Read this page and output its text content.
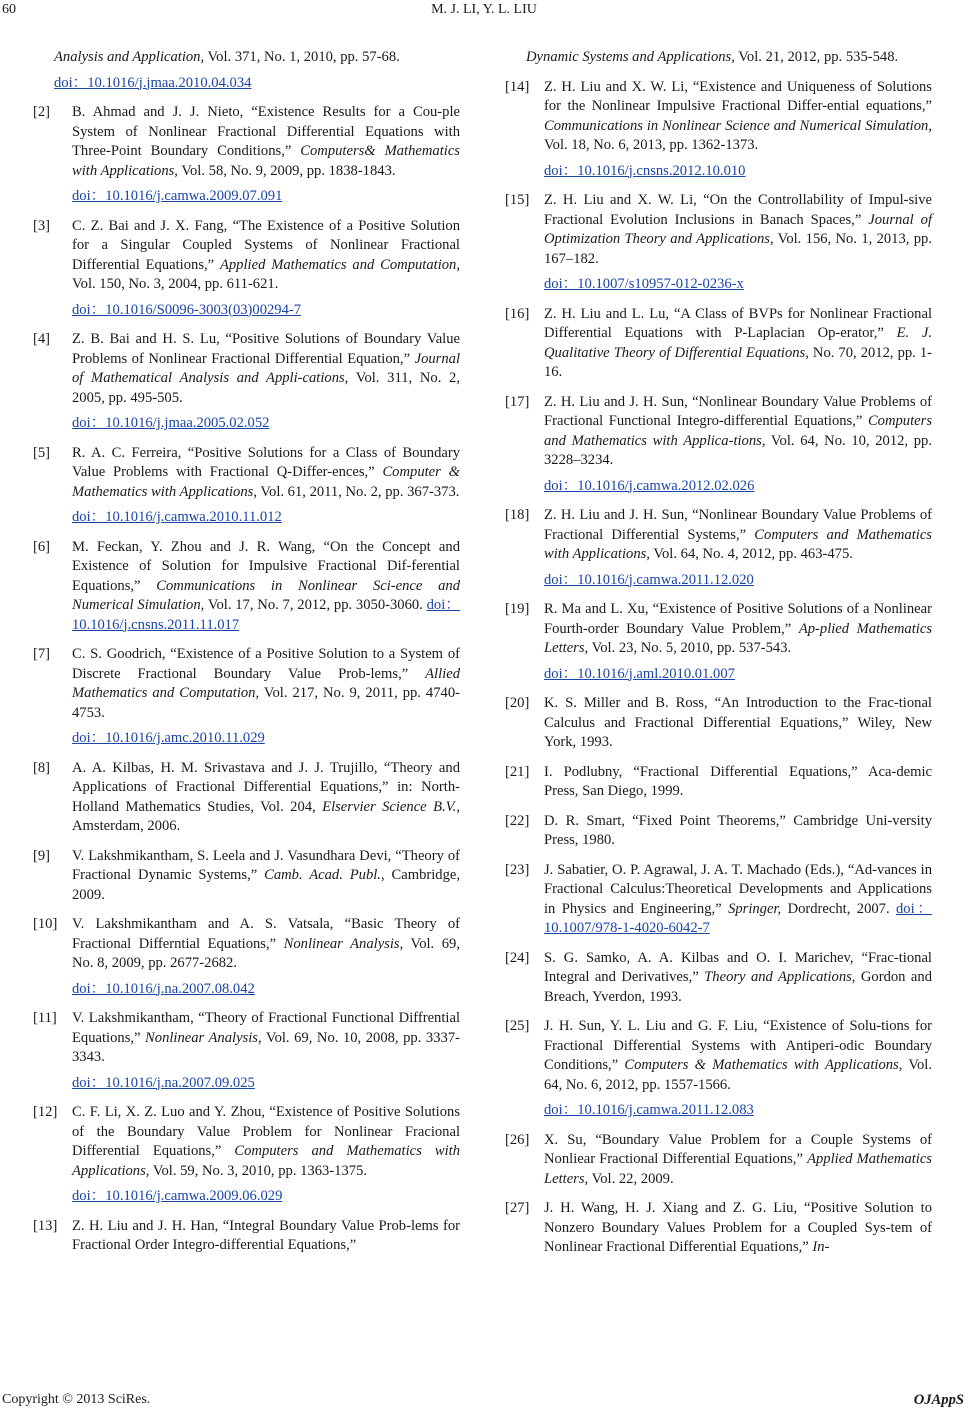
60	M. J. LI, Y. L. LIU
Analysis and Application, Vol. 371, No. 1, 2010, pp. 57-68.
doi：10.1016/j.jmaa.2010.04.034
[2] B. Ahmad and J. J. Nieto, “Existence Results for a Cou-ple System of Nonlinear Fractional Differential Equations with Three-Point Boundary Conditions,” Computers& Mathematics with Applications, Vol. 58, No. 9, 2009, pp. 1838-1843.
doi：10.1016/j.camwa.2009.07.091
[3] C. Z. Bai and J. X. Fang, “The Existence of a Positive Solution for a Singular Coupled Systems of Nonlinear Fractional Differential Equations,” Applied Mathematics and Computation, Vol. 150, No. 3, 2004, pp. 611-621.
doi：10.1016/S0096-3003(03)00294-7
[4] Z. B. Bai and H. S. Lu, “Positive Solutions of Boundary Value Problems of Nonlinear Fractional Differential Equation,” Journal of Mathematical Analysis and Appli-cations, Vol. 311, No. 2, 2005, pp. 495-505.
doi：10.1016/j.jmaa.2005.02.052
[5] R. A. C. Ferreira, “Positive Solutions for a Class of Boundary Value Problems with Fractional Q-Differ-ences,” Computer & Mathematics with Applications, Vol. 61, 2011, No. 2, pp. 367-373.
doi：10.1016/j.camwa.2010.11.012
[6] M. Feckan, Y. Zhou and J. R. Wang, “On the Concept and Existence of Solution for Impulsive Fractional Dif-ferential Equations,” Communications in Nonlinear Sci-ence and Numerical Simulation, Vol. 17, No. 7, 2012, pp. 3050-3060. doi：10.1016/j.cnsns.2011.11.017
[7] C. S. Goodrich, “Existence of a Positive Solution to a System of Discrete Fractional Boundary Value Prob-lems,” Allied Mathematics and Computation, Vol. 217, No. 9, 2011, pp. 4740-4753.
doi：10.1016/j.amc.2010.11.029
[8] A. A. Kilbas, H. M. Srivastava and J. J. Trujillo, “Theory and Applications of Fractional Differential Equations,” in: North-Holland Mathematics Studies, Vol. 204, Elservier Science B.V., Amsterdam, 2006.
[9] V. Lakshmikantham, S. Leela and J. Vasundhara Devi, “Theory of Fractional Dynamic Systems,” Camb. Acad. Publ., Cambridge, 2009.
[10] V. Lakshmikantham and A. S. Vatsala, “Basic Theory of Fractional Differntial Equations,” Nonlinear Analysis, Vol. 69, No. 8, 2009, pp. 2677-2682.
doi：10.1016/j.na.2007.08.042
[11] V. Lakshmikantham, “Theory of Fractional Functional Diffrential Equations,” Nonlinear Analysis, Vol. 69, No. 10, 2008, pp. 3337-3343.
doi：10.1016/j.na.2007.09.025
[12] C. F. Li, X. Z. Luo and Y. Zhou, “Existence of Positive Solutions of the Boundary Value Problem for Nonlinear Fracional Differential Equations,” Computers and Mathematics with Applications, Vol. 59, No. 3, 2010, pp. 1363-1375.
doi：10.1016/j.camwa.2009.06.029
[13] Z. H. Liu and J. H. Han, “Integral Boundary Value Prob-lems for Fractional Order Integro-differential Equations,”
Dynamic Systems and Applications, Vol. 21, 2012, pp. 535-548.
[14] Z. H. Liu and X. W. Li, “Existence and Uniqueness of Solutions for the Nonlinear Impulsive Fractional Differ-ential equations,” Communications in Nonlinear Science and Numerical Simulation, Vol. 18, No. 6, 2013, pp. 1362-1373.
doi：10.1016/j.cnsns.2012.10.010
[15] Z. H. Liu and X. W. Li, “On the Controllability of Impul-sive Fractional Evolution Inclusions in Banach Spaces,” Journal of Optimization Theory and Applications, Vol. 156, No. 1, 2013, pp. 167–182.
doi：10.1007/s10957-012-0236-x
[16] Z. H. Liu and L. Lu, “A Class of BVPs for Nonlinear Fractional Differential Equations with P-Laplacian Op-erator,” E. J. Qualitative Theory of Differential Equations, No. 70, 2012, pp. 1-16.
[17] Z. H. Liu and J. H. Sun, “Nonlinear Boundary Value Problems of Fractional Functional Integro-differential Equations,” Computers and Mathematics with Applica-tions, Vol. 64, No. 10, 2012, pp. 3228–3234.
doi：10.1016/j.camwa.2012.02.026
[18] Z. H. Liu and J. H. Sun, “Nonlinear Boundary Value Problems of Fractional Differential Systems,” Computers and Mathematics with Applications, Vol. 64, No. 4, 2012, pp. 463-475.
doi：10.1016/j.camwa.2011.12.020
[19] R. Ma and L. Xu, “Existence of Positive Solutions of a Nonlinear Fourth-order Boundary Value Problem,” Ap-plied Mathematics Letters, Vol. 23, No. 5, 2010, pp. 537-543.
doi：10.1016/j.aml.2010.01.007
[20] K. S. Miller and B. Ross, “An Introduction to the Frac-tional Calculus and Fractional Differential Equations,” Wiley, New York, 1993.
[21] I. Podlubny, “Fractional Differential Equations,” Aca-demic Press, San Diego, 1999.
[22] D. R. Smart, “Fixed Point Theorems,” Cambridge Uni-versity Press, 1980.
[23] J. Sabatier, O. P. Agrawal, J. A. T. Machado (Eds.), “Ad-vances in Fractional Calculus:Theoretical Developments and Applications in Physics and Engineering,” Springer, Dordrecht, 2007. doi：10.1007/978-1-4020-6042-7
[24] S. G. Samko, A. A. Kilbas and O. I. Marichev, “Frac-tional Integral and Derivatives,” Theory and Applications, Gordon and Breach, Yverdon, 1993.
[25] J. H. Sun, Y. L. Liu and G. F. Liu, “Existence of Solu-tions for Fractional Differential Systems with Antiperi-odic Boundary Conditions,” Computers & Mathematics with Applications, Vol. 64, No. 6, 2012, pp. 1557-1566.
doi：10.1016/j.camwa.2011.12.083
[26] X. Su, “Boundary Value Problem for a Couple Systems of Nonliear Fractional Differential Equations,” Applied Mathematics Letters, Vol. 22, 2009.
[27] J. H. Wang, H. J. Xiang and Z. G. Liu, “Positive Solution to Nonzero Boundary Values Problem for a Coupled Sys-tem of Nonlinear Fractional Differential Equations,” In-
Copyright © 2013 SciRes.	OJAppS
